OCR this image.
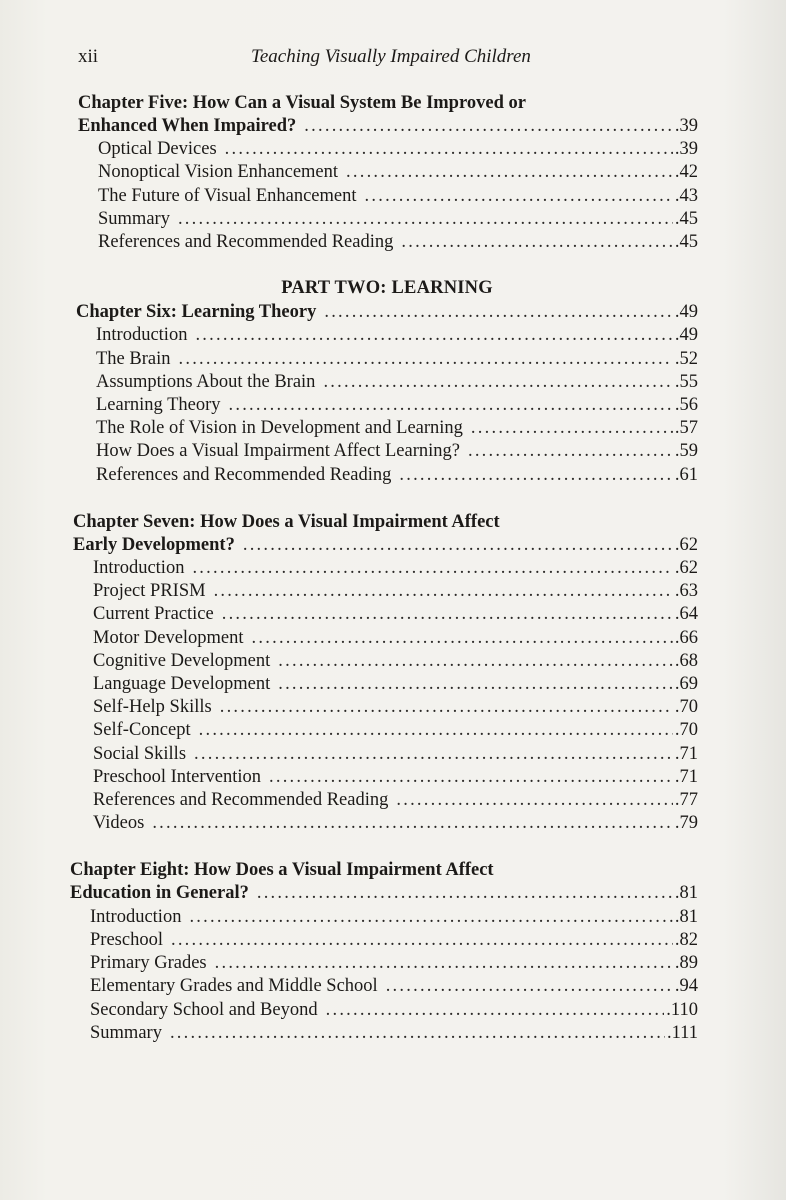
xii	Teaching Visually Impaired Children
Chapter Five: How Can a Visual System Be Improved or
Enhanced When Impaired? . . .	.39
Optical Devices . . .	.39
Nonoptical Vision Enhancement . . .	.42
The Future of Visual Enhancement . . .	.43
Summary . . .	.45
References and Recommended Reading . . .	.45
PART TWO: LEARNING
Chapter Six: Learning Theory . . .	.49
Introduction . . .	.49
The Brain . . .	.52
Assumptions About the Brain . . .	.55
Learning Theory . . .	.56
The Role of Vision in Development and Learning . . .	.57
How Does a Visual Impairment Affect Learning? . . .	.59
References and Recommended Reading . . .	.61
Chapter Seven: How Does a Visual Impairment Affect
Early Development? . . .	.62
Introduction . . .	.62
Project PRISM . . .	.63
Current Practice . . .	.64
Motor Development . . .	.66
Cognitive Development . . .	.68
Language Development . . .	.69
Self-Help Skills . . .	.70
Self-Concept . . .	.70
Social Skills . . .	.71
Preschool Intervention . . .	.71
References and Recommended Reading . . .	.77
Videos . . .	.79
Chapter Eight: How Does a Visual Impairment Affect
Education in General? . . .	.81
Introduction . . .	.81
Preschool . . .	.82
Primary Grades . . .	.89
Elementary Grades and Middle School . . .	.94
Secondary School and Beyond . . .	.110
Summary . . .	.111
